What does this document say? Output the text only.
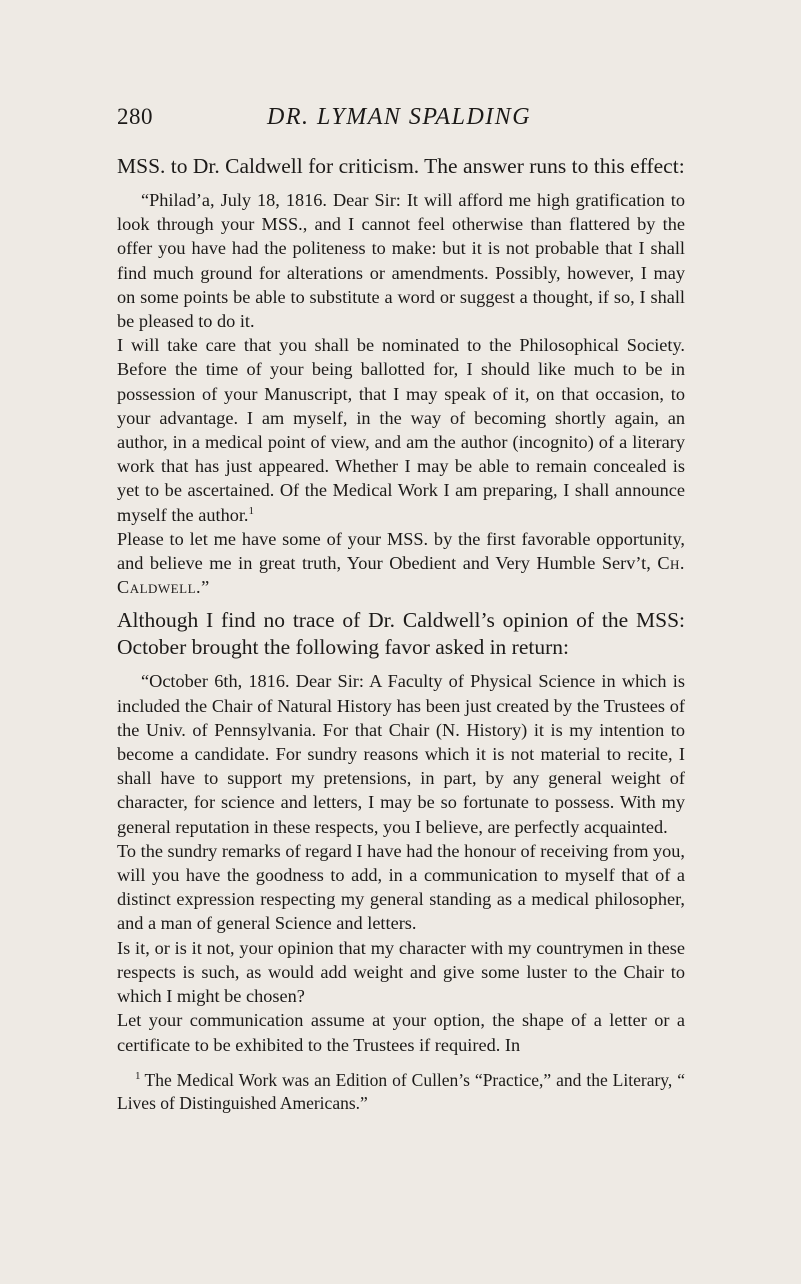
280	DR. LYMAN SPALDING

MSS. to Dr. Caldwell for criticism. The answer runs to this effect:

“Philad’a, July 18, 1816. Dear Sir: It will afford me high gratification to look through your MSS., and I cannot feel otherwise than flattered by the offer you have had the politeness to make: but it is not probable that I shall find much ground for alterations or amendments. Possibly, however, I may on some points be able to substitute a word or suggest a thought, if so, I shall be pleased to do it.

I will take care that you shall be nominated to the Philosophical Society. Before the time of your being ballotted for, I should like much to be in possession of your Manuscript, that I may speak of it, on that occasion, to your advantage. I am myself, in the way of becoming shortly again, an author, in a medical point of view, and am the author (incognito) of a literary work that has just appeared. Whether I may be able to remain concealed is yet to be ascertained. Of the Medical Work I am preparing, I shall announce myself the author.$^1$

Please to let me have some of your MSS. by the first favorable opportunity, and believe me in great truth, Your Obedient and Very Humble Serv’t, Ch. Caldwell.”

Although I find no trace of Dr. Caldwell’s opinion of the MSS: October brought the following favor asked in return:

“October 6th, 1816. Dear Sir: A Faculty of Physical Science in which is included the Chair of Natural History has been just created by the Trustees of the Univ. of Pennsylvania. For that Chair (N. History) it is my intention to become a candidate. For sundry reasons which it is not material to recite, I shall have to support my pretensions, in part, by any general weight of character, for science and letters, I may be so fortunate to possess. With my general reputation in these respects, you I believe, are perfectly acquainted.

To the sundry remarks of regard I have had the honour of receiving from you, will you have the goodness to add, in a communication to myself that of a distinct expression respecting my general standing as a medical philosopher, and a man of general Science and letters.

Is it, or is it not, your opinion that my character with my countrymen in these respects is such, as would add weight and give some luster to the Chair to which I might be chosen?

Let your communication assume at your option, the shape of a letter or a certificate to be exhibited to the Trustees if required. In

$^1$ The Medical Work was an Edition of Cullen’s “Practice,” and the Literary, “ Lives of Distinguished Americans.”
